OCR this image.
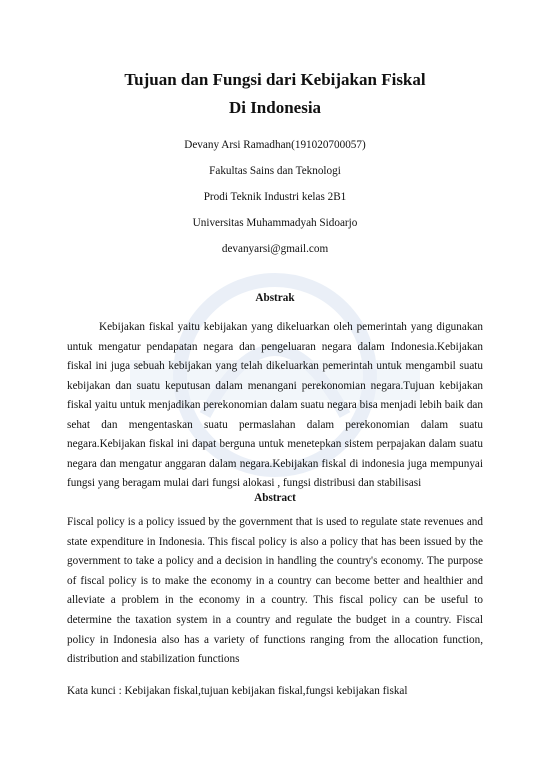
Tujuan dan Fungsi dari Kebijakan Fiskal
Di Indonesia
Devany Arsi Ramadhan(191020700057)
Fakultas Sains dan Teknologi
Prodi Teknik Industri kelas 2B1
Universitas Muhammadyah Sidoarjo
devanyarsi@gmail.com
Abstrak

Kebijakan fiskal yaitu kebijakan yang dikeluarkan oleh pemerintah yang digunakan untuk mengatur pendapatan negara dan pengeluaran negara dalam Indonesia.Kebijakan fiskal ini juga sebuah kebijakan yang telah dikeluarkan pemerintah untuk mengambil suatu kebijakan dan suatu keputusan dalam menangani perekonomian negara.Tujuan kebijakan fiskal yaitu untuk menjadikan perekonomian dalam suatu negara bisa menjadi lebih baik dan sehat dan mengentaskan suatu permaslahan dalam perekonomian dalam suatu negara.Kebijakan fiskal ini dapat berguna untuk menetepkan sistem perpajakan dalam suatu negara dan mengatur anggaran dalam negara.Kebijakan fiskal di indonesia juga mempunyai fungsi yang beragam mulai dari fungsi alokasi , fungsi distribusi dan stabilisasi

Abstract

Fiscal policy is a policy issued by the government that is used to regulate state revenues and state expenditure in Indonesia. This fiscal policy is also a policy that has been issued by the government to take a policy and a decision in handling the country's economy. The purpose of fiscal policy is to make the economy in a country can become better and healthier and alleviate a problem in the economy in a country. This fiscal policy can be useful to determine the taxation system in a country and regulate the budget in a country. Fiscal policy in Indonesia also has a variety of functions ranging from the allocation function, distribution and stabilization functions

Kata kunci : Kebijakan fiskal,tujuan kebijakan fiskal,fungsi kebijakan fiskal
